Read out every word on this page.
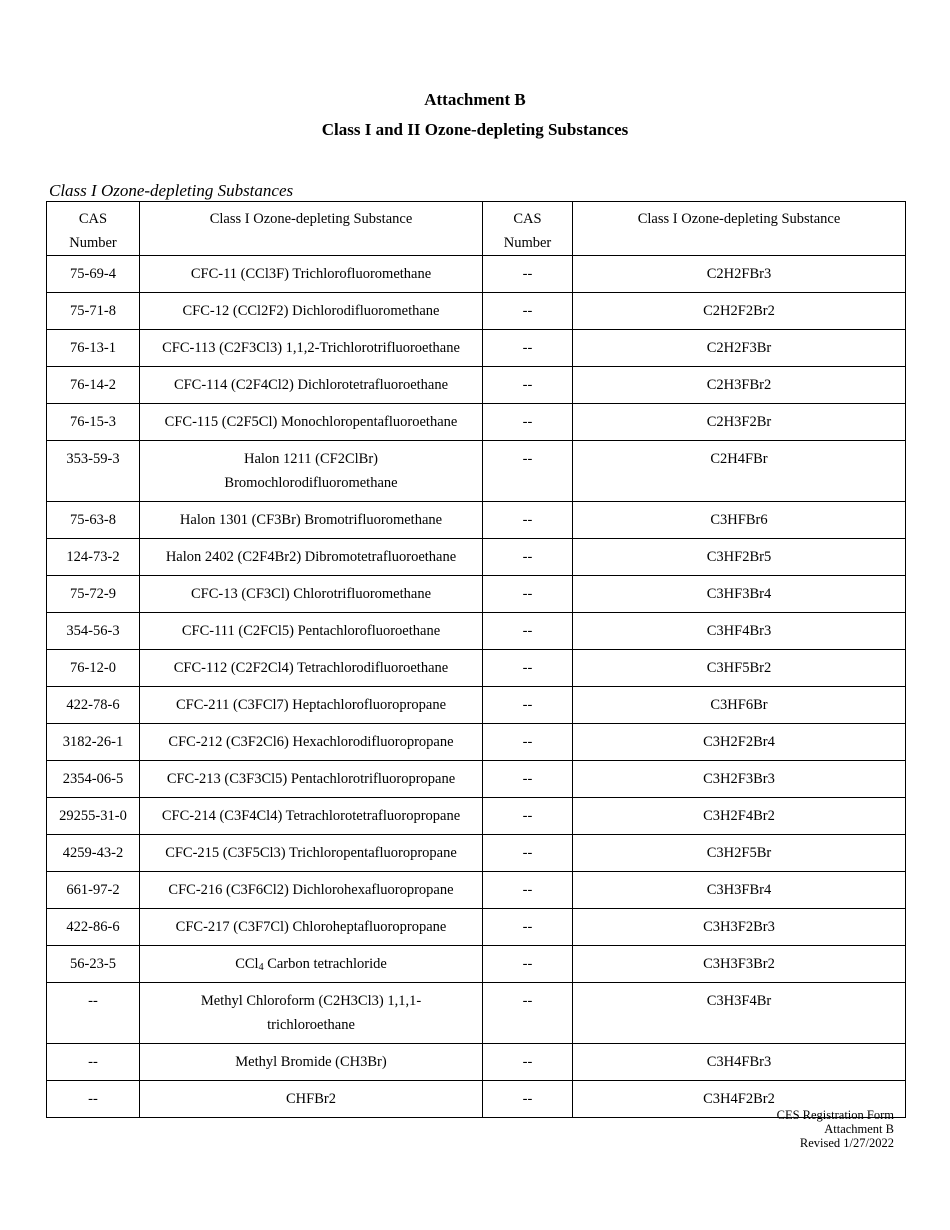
Attachment B
Class I and II Ozone-depleting Substances
Class I Ozone-depleting Substances
CAS Number	Class I Ozone-depleting Substance	CAS Number	Class I Ozone-depleting Substance
75-69-4	CFC-11 (CCl3F) Trichlorofluoromethane	--	C2H2FBr3
75-71-8	CFC-12 (CCl2F2) Dichlorodifluoromethane	--	C2H2F2Br2
76-13-1	CFC-113 (C2F3Cl3) 1,1,2-Trichlorotrifluoroethane	--	C2H2F3Br
76-14-2	CFC-114 (C2F4Cl2) Dichlorotetrafluoroethane	--	C2H3FBr2
76-15-3	CFC-115 (C2F5Cl) Monochloropentafluoroethane	--	C2H3F2Br
353-59-3	Halon 1211 (CF2ClBr) Bromochlorodifluoromethane	--	C2H4FBr
75-63-8	Halon 1301 (CF3Br) Bromotrifluoromethane	--	C3HFBr6
124-73-2	Halon 2402 (C2F4Br2) Dibromotetrafluoroethane	--	C3HF2Br5
75-72-9	CFC-13 (CF3Cl) Chlorotrifluoromethane	--	C3HF3Br4
354-56-3	CFC-111 (C2FCl5) Pentachlorofluoroethane	--	C3HF4Br3
76-12-0	CFC-112 (C2F2Cl4) Tetrachlorodifluoroethane	--	C3HF5Br2
422-78-6	CFC-211 (C3FCl7) Heptachlorofluoropropane	--	C3HF6Br
3182-26-1	CFC-212 (C3F2Cl6) Hexachlorodifluoropropane	--	C3H2F2Br4
2354-06-5	CFC-213 (C3F3Cl5) Pentachlorotrifluoropropane	--	C3H2F3Br3
29255-31-0	CFC-214 (C3F4Cl4) Tetrachlorotetrafluoropropane	--	C3H2F4Br2
4259-43-2	CFC-215 (C3F5Cl3) Trichloropentafluoropropane	--	C3H2F5Br
661-97-2	CFC-216 (C3F6Cl2) Dichlorohexafluoropropane	--	C3H3FBr4
422-86-6	CFC-217 (C3F7Cl) Chloroheptafluoropropane	--	C3H3F2Br3
56-23-5	CCl$_4$ Carbon tetrachloride	--	C3H3F3Br2
--	Methyl Chloroform (C2H3Cl3) 1,1,1-trichloroethane	--	C3H3F4Br
--	Methyl Bromide (CH3Br)	--	C3H4FBr3
--	CHFBr2	--	C3H4F2Br2
CES Registration Form
Attachment B
Revised 1/27/2022
